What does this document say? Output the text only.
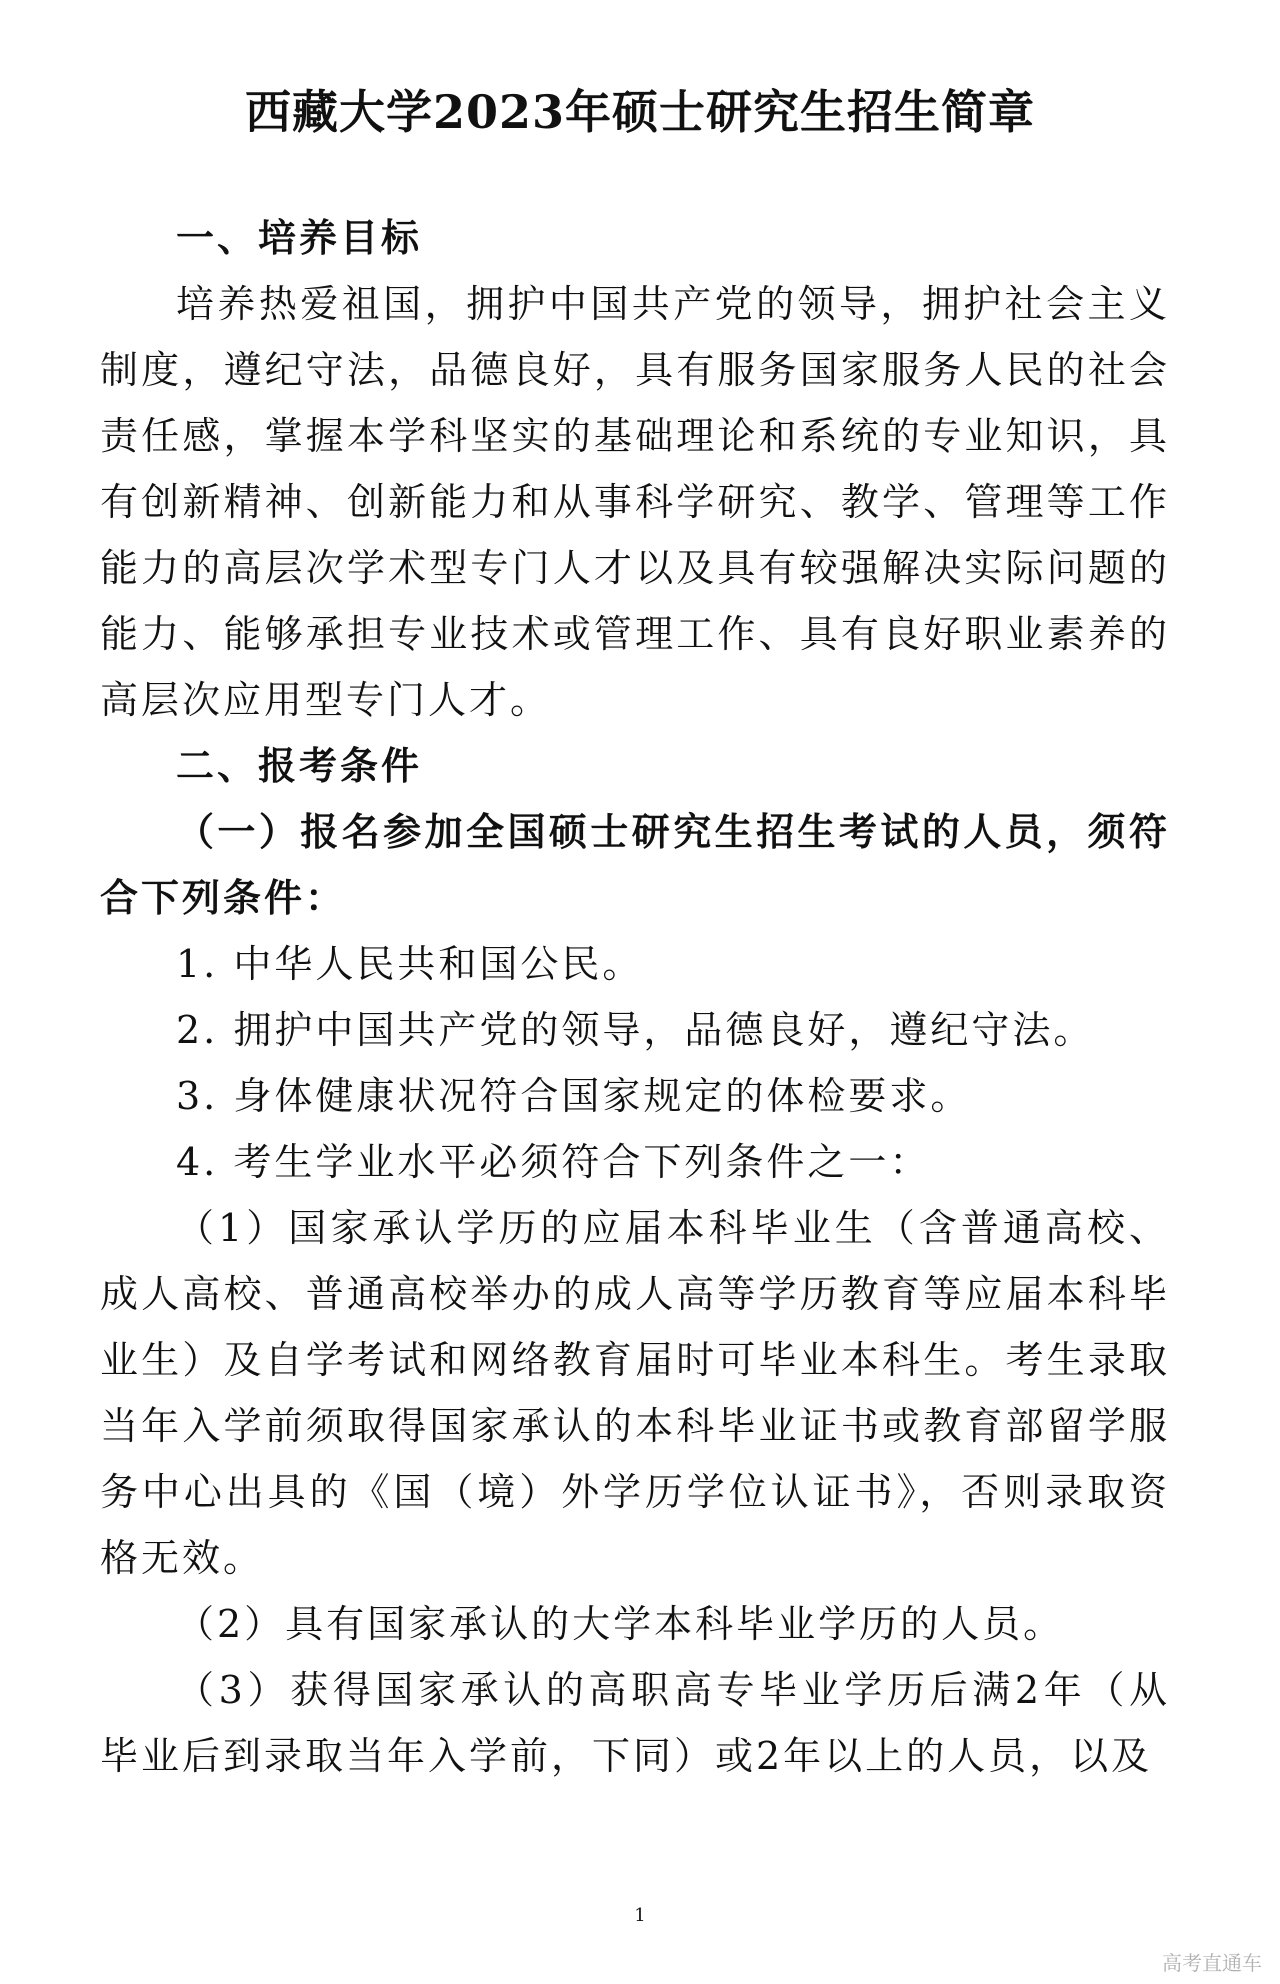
西藏大学2023年硕士研究生招生简章

一、培养目标

培养热爱祖国，拥护中国共产党的领导，拥护社会主义制度，遵纪守法，品德良好，具有服务国家服务人民的社会责任感，掌握本学科坚实的基础理论和系统的专业知识，具有创新精神、创新能力和从事科学研究、教学、管理等工作能力的高层次学术型专门人才以及具有较强解决实际问题的能力、能够承担专业技术或管理工作、具有良好职业素养的高层次应用型专门人才。

二、报考条件

（一）报名参加全国硕士研究生招生考试的人员，须符合下列条件：

1. 中华人民共和国公民。

2. 拥护中国共产党的领导，品德良好，遵纪守法。

3. 身体健康状况符合国家规定的体检要求。

4. 考生学业水平必须符合下列条件之一：

（1）国家承认学历的应届本科毕业生（含普通高校、成人高校、普通高校举办的成人高等学历教育等应届本科毕业生）及自学考试和网络教育届时可毕业本科生。考生录取当年入学前须取得国家承认的本科毕业证书或教育部留学服务中心出具的《国（境）外学历学位认证书》，否则录取资格无效。

（2）具有国家承认的大学本科毕业学历的人员。

（3）获得国家承认的高职高专毕业学历后满2年（从毕业后到录取当年入学前，下同）或2年以上的人员，以及

1

高考直通车
